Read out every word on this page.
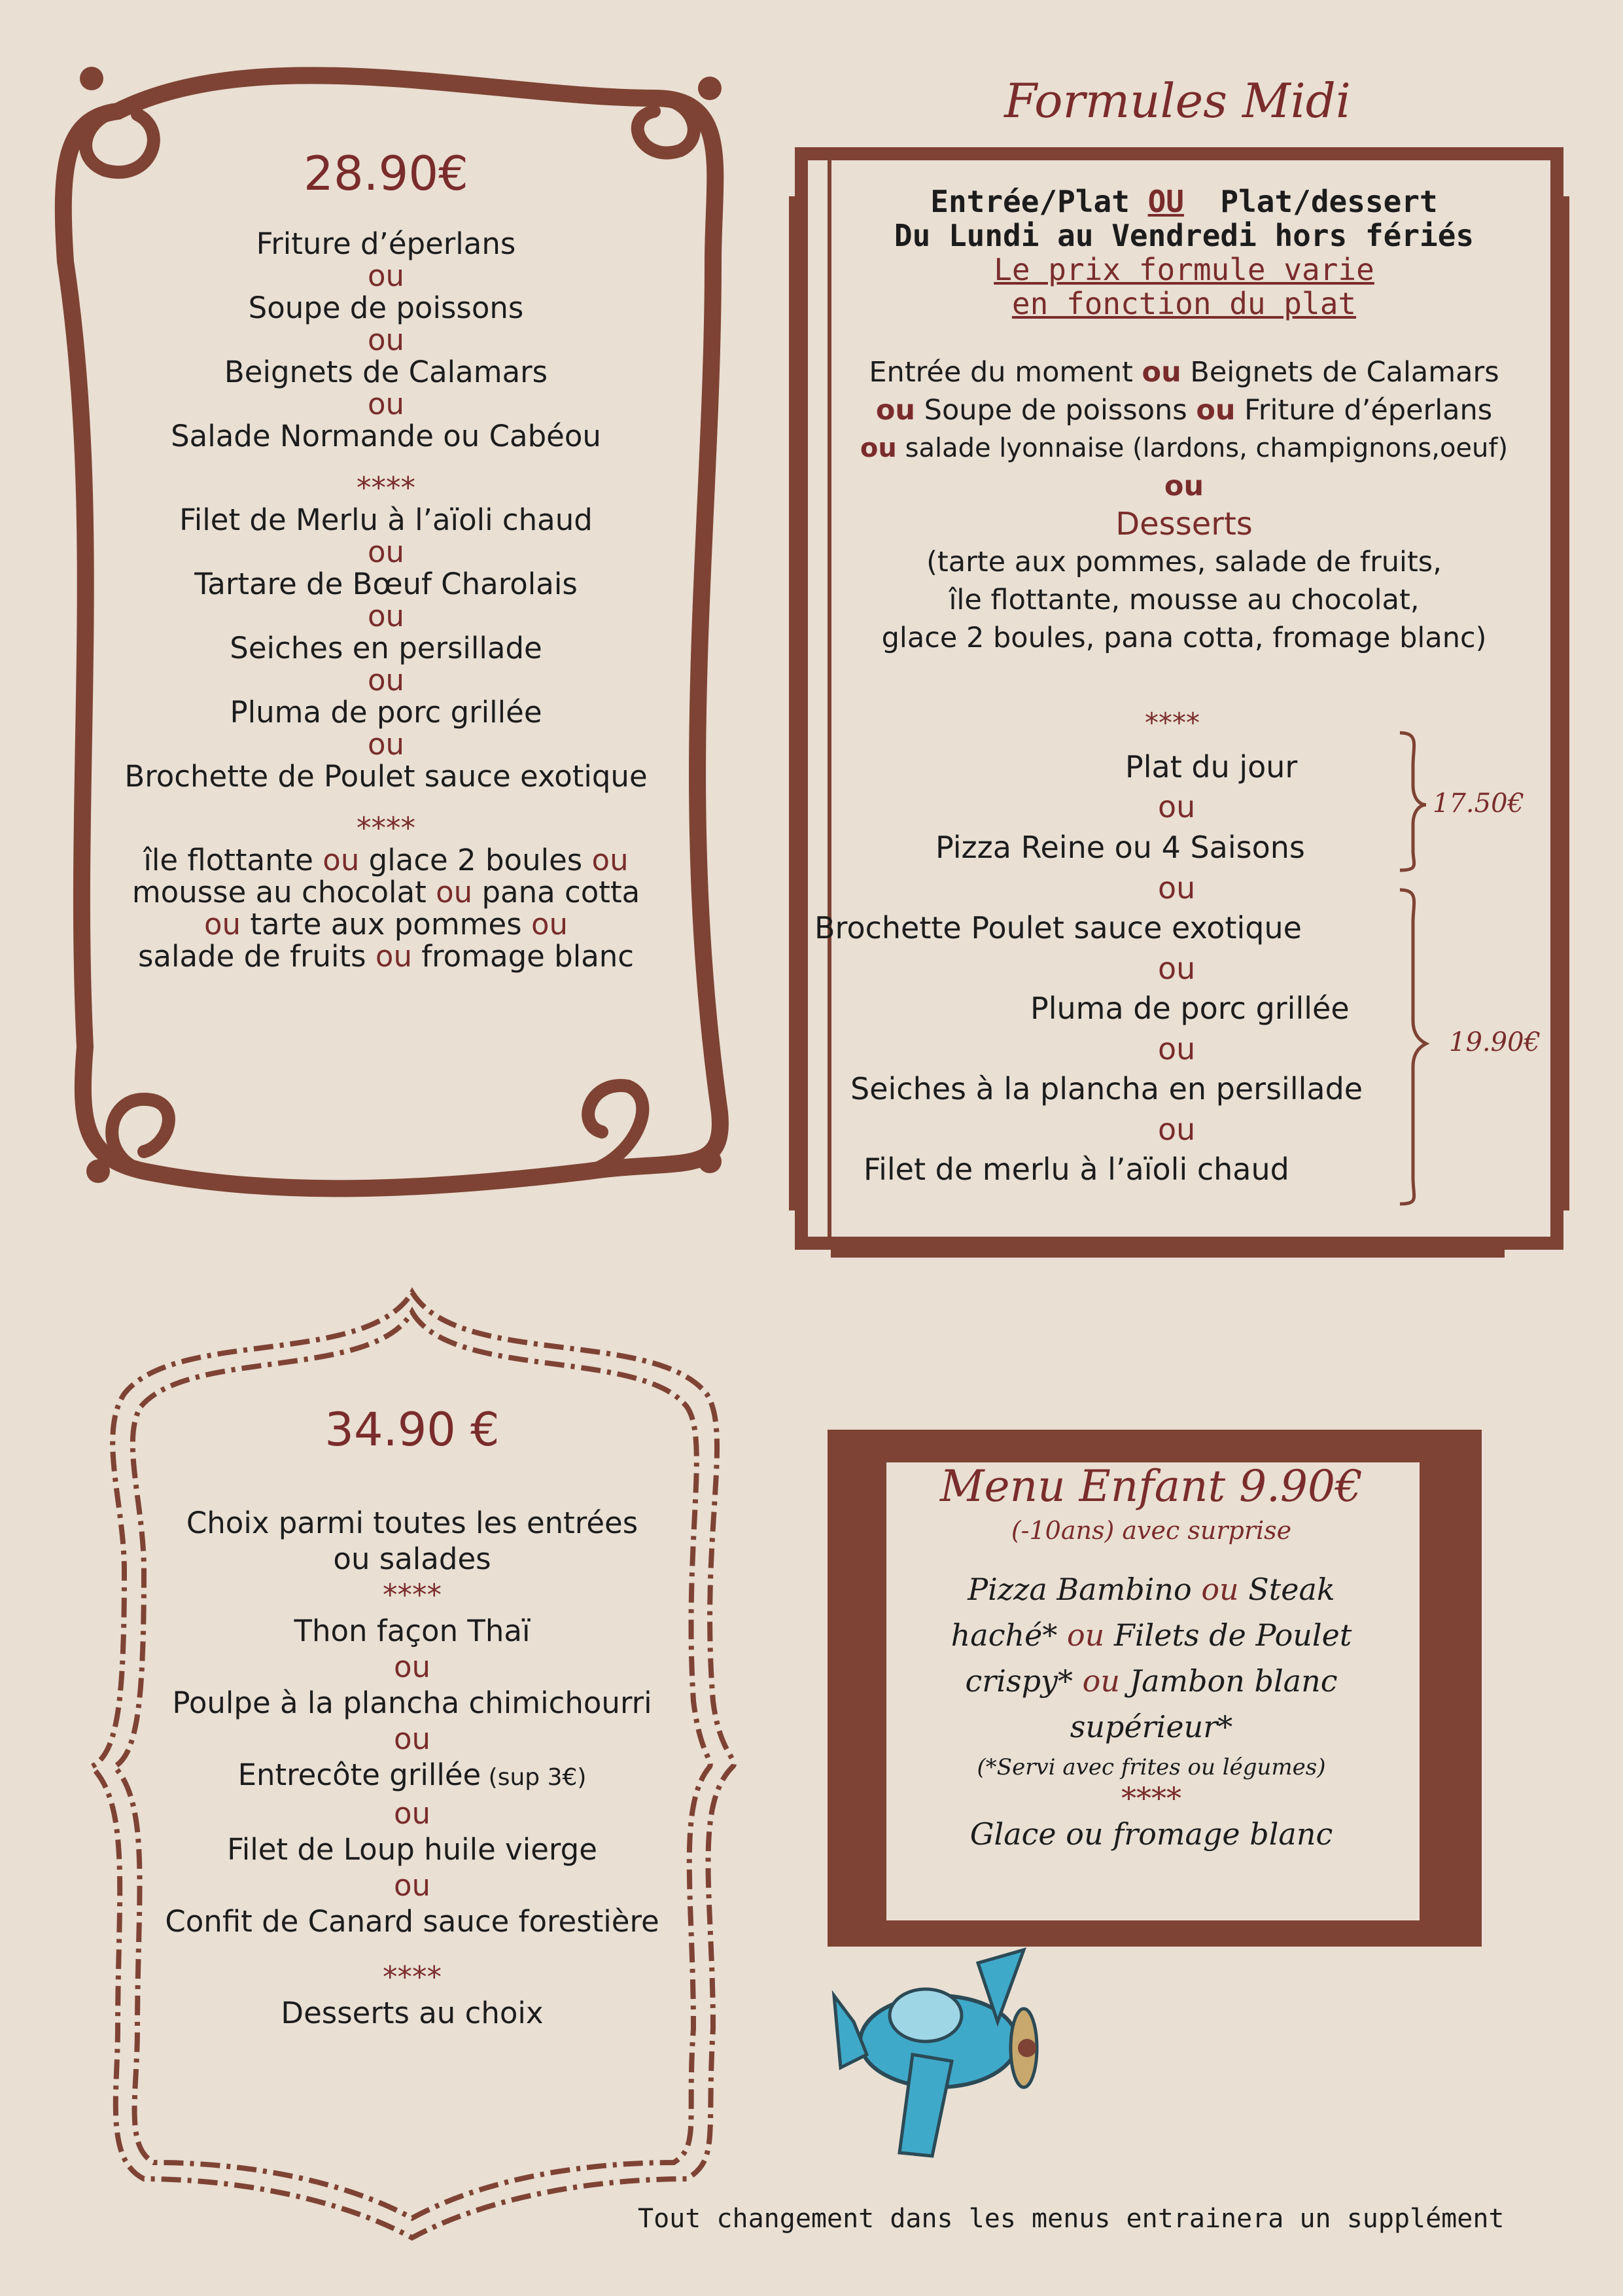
28.90€
Friture d’éperlans
ou
Soupe de poissons
ou
Beignets de Calamars
ou
Salade Normande ou Cabéou
****
Filet de Merlu à l’aïoli chaud
ou
Tartare de Bœuf Charolais
ou
Seiches en persillade
ou
Pluma de porc grillée
ou
Brochette de Poulet sauce exotique
****
île flottante ou glace 2 boules ou
mousse au chocolat ou pana cotta
ou tarte aux pommes ou
salade de fruits ou fromage blanc
Formules Midi
Entrée/Plat OU  Plat/dessert
Du Lundi au Vendredi hors fériés
Le prix formule varie
en fonction du plat
Entrée du moment ou Beignets de Calamars
ou Soupe de poissons ou Friture d’éperlans
ou salade lyonnaise (lardons, champignons,oeuf)
ou
Desserts
(tarte aux pommes, salade de fruits,
île flottante, mousse au chocolat,
glace 2 boules, pana cotta, fromage blanc)
****
Plat du jour
ou
Pizza Reine ou 4 Saisons
ou
Brochette Poulet sauce exotique
ou
Pluma de porc grillée
ou
Seiches à la plancha en persillade
ou
Filet de merlu à l’aïoli chaud
17.50€
19.90€
34.90 €
Choix parmi toutes les entrées
ou salades
****
Thon façon Thaï
ou
Poulpe à la plancha chimichourri
ou
Entrecôte grillée (sup 3€)
ou
Filet de Loup huile vierge
ou
Confit de Canard sauce forestière
****
Desserts au choix
Menu Enfant 9.90€
(-10ans) avec surprise
Pizza Bambino ou Steak
haché* ou Filets de Poulet
crispy* ou Jambon blanc
supérieur*
(*Servi avec frites ou légumes)
****
Glace ou fromage blanc
Tout changement dans les menus entrainera un supplément
